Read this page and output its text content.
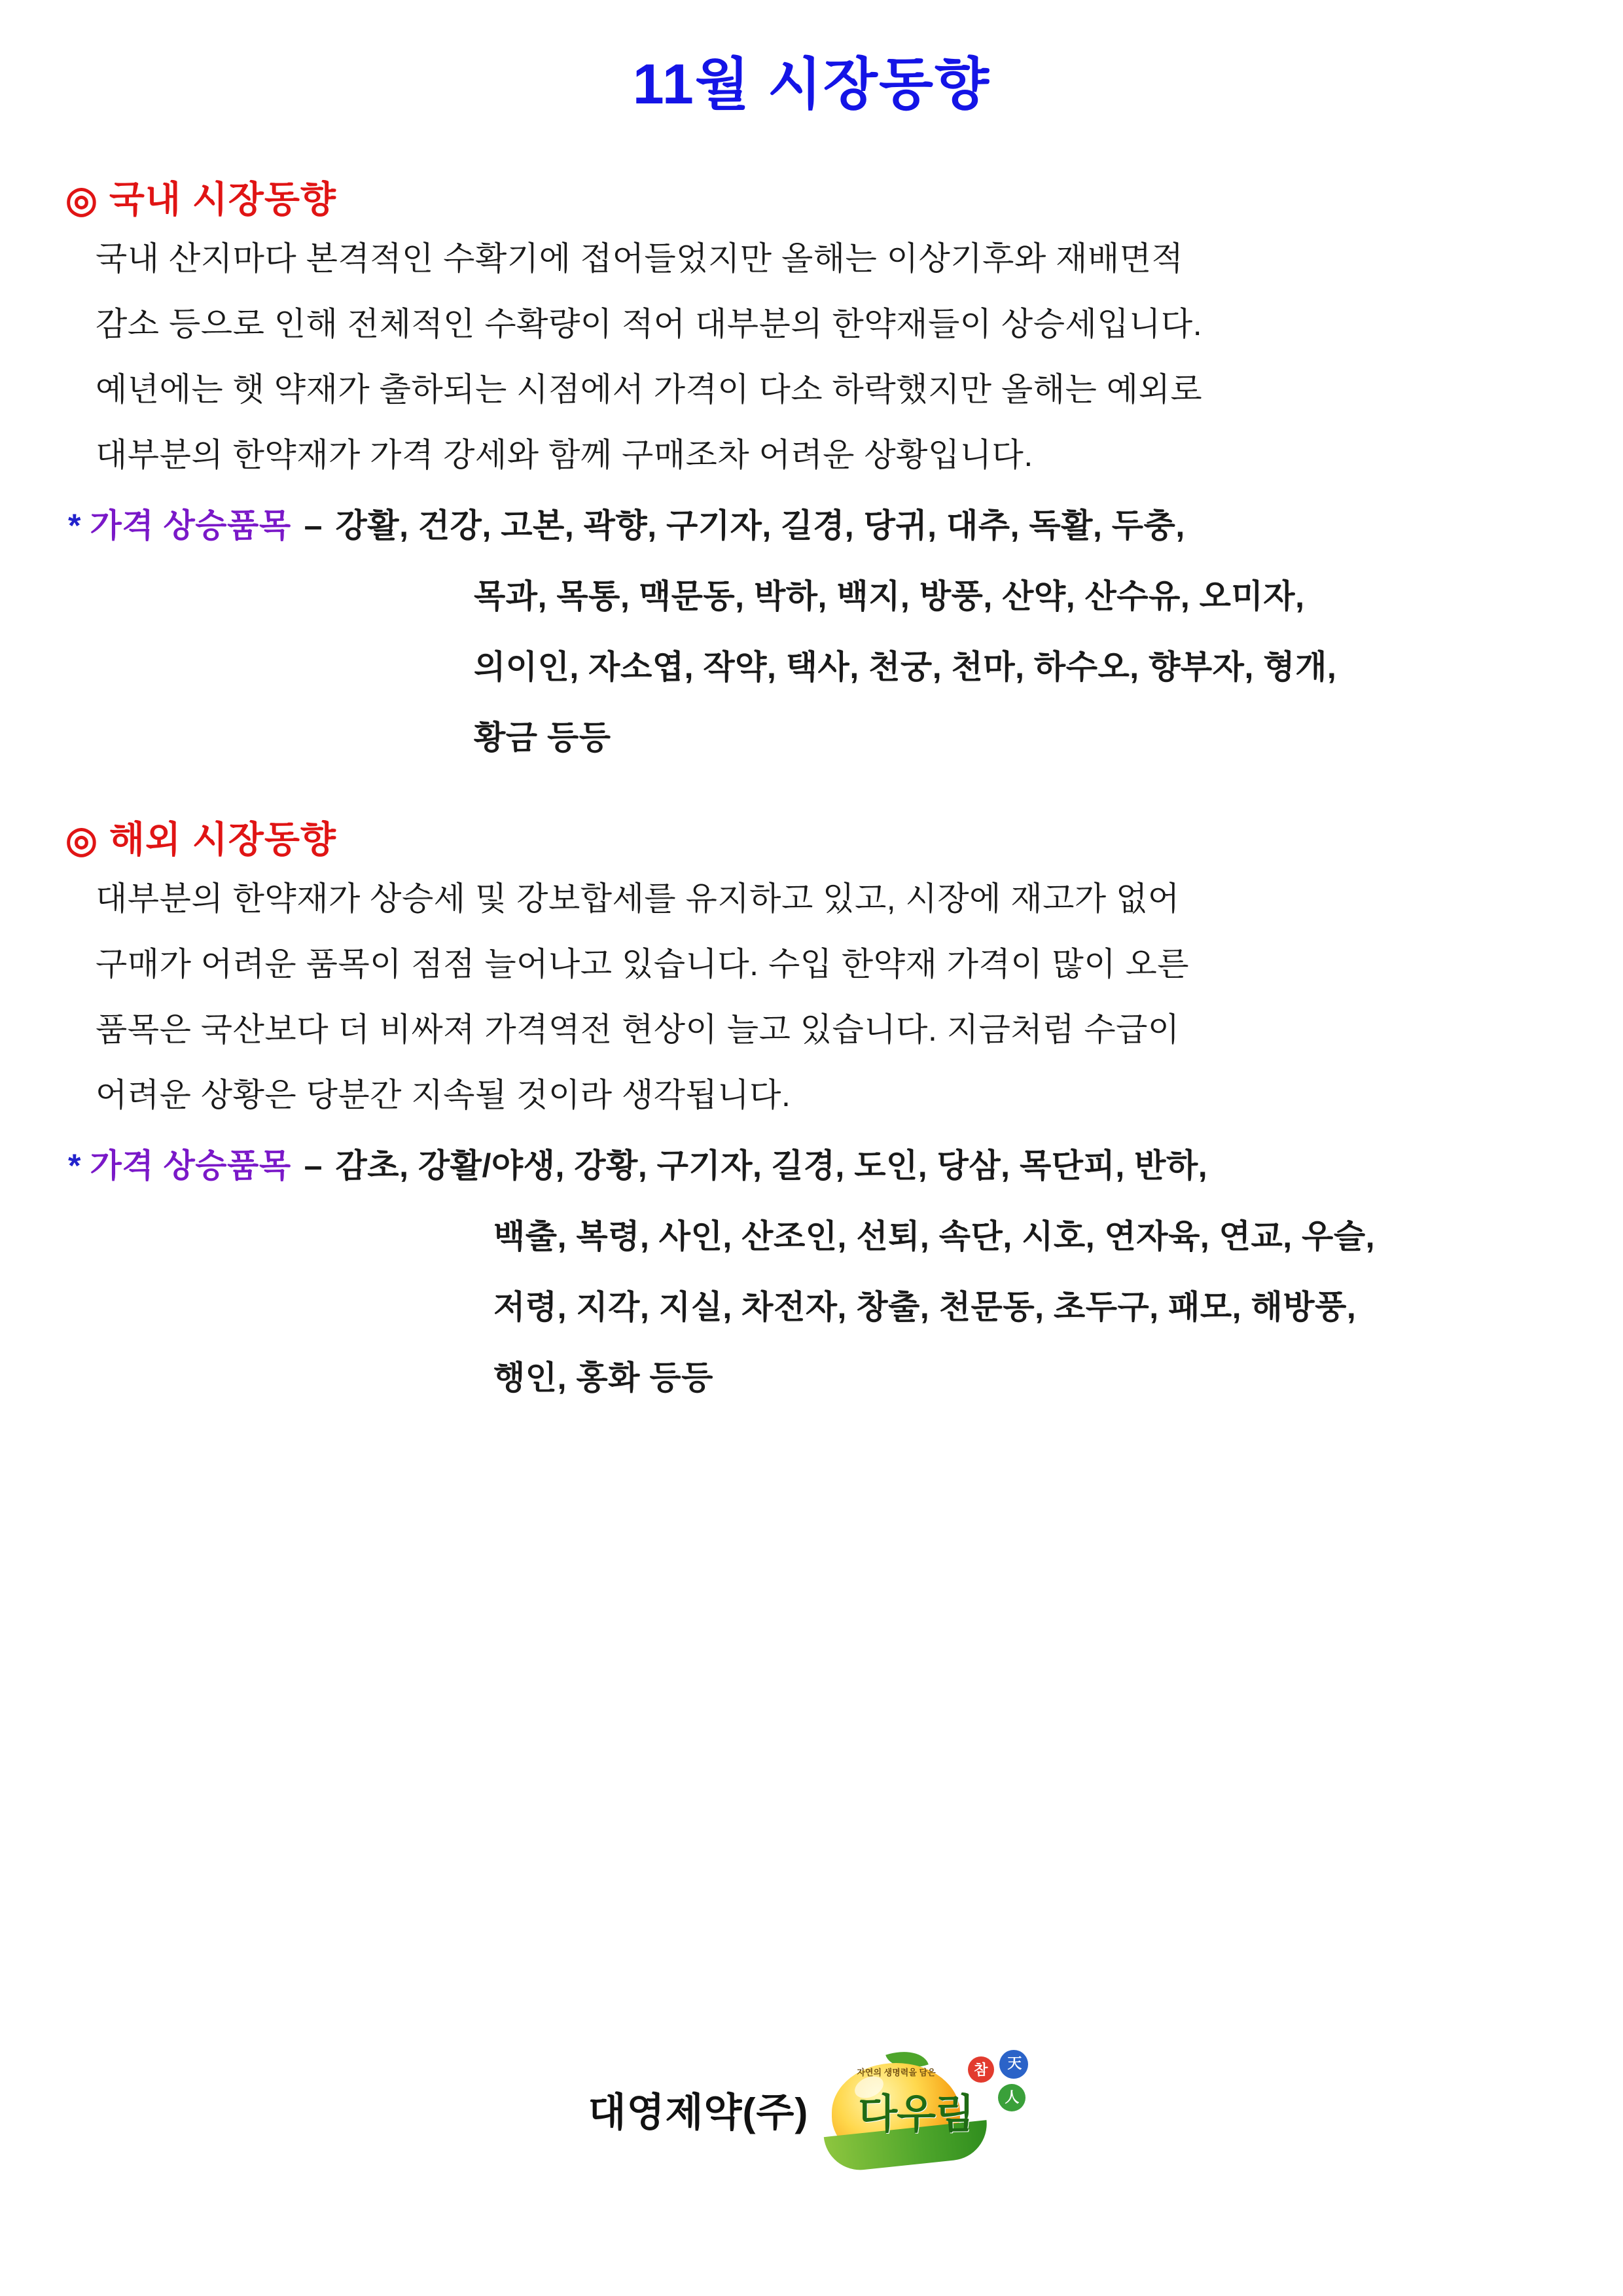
11월 시장동향
◎ 국내 시장동향
국내 산지마다 본격적인 수확기에 접어들었지만 올해는 이상기후와 재배면적
감소 등으로 인해 전체적인 수확량이 적어 대부분의 한약재들이 상승세입니다.
예년에는 햇 약재가 출하되는 시점에서 가격이 다소 하락했지만 올해는 예외로
대부분의 한약재가 가격 강세와 함께 구매조차 어려운 상황입니다.
* 가격 상승품목 – 강활, 건강, 고본, 곽향, 구기자, 길경, 당귀, 대추, 독활, 두충,
목과, 목통, 맥문동, 박하, 백지, 방풍, 산약, 산수유, 오미자,
의이인, 자소엽, 작약, 택사, 천궁, 천마, 하수오, 향부자, 형개,
황금 등등
◎ 해외 시장동향
대부분의 한약재가 상승세 및 강보합세를 유지하고 있고, 시장에 재고가 없어
구매가 어려운 품목이 점점 늘어나고 있습니다. 수입 한약재 가격이 많이 오른
품목은 국산보다 더 비싸져 가격역전 현상이 늘고 있습니다. 지금처럼 수급이
어려운 상황은 당분간 지속될 것이라 생각됩니다.
* 가격 상승품목 – 감초, 강활/야생, 강황, 구기자, 길경, 도인, 당삼, 목단피, 반하,
백출, 복령, 사인, 산조인, 선퇴, 속단, 시호, 연자육, 연교, 우슬,
저령, 지각, 지실, 차전자, 창출, 천문동, 초두구, 패모, 해방풍,
행인, 홍화 등등
대영제약(주)
자연의 생명력을 담은
다우림
참 天
人
